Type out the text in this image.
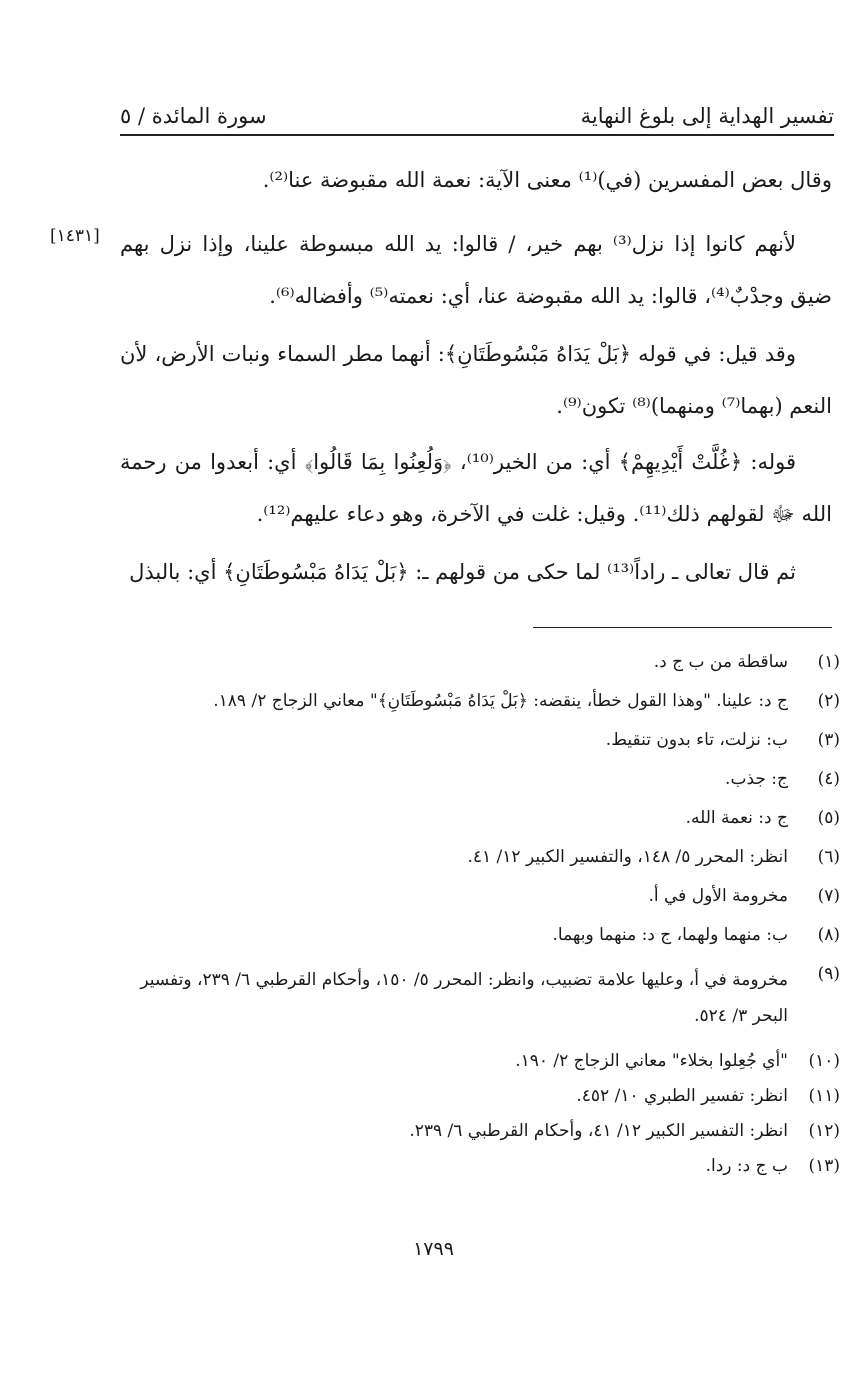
تفسير الهداية إلى بلوغ النهاية
سورة المائدة / ٥

وقال بعض المفسرين (في)⁽¹⁾ معنى الآية: نعمة الله مقبوضة عنا⁽²⁾.

لأنهم كانوا إذا نزل⁽³⁾ بهم خير، / قالوا: يد الله مبسوطة علينا، وإذا نزل بهم ضيق وجدْبٌ⁽⁴⁾، قالوا: يد الله مقبوضة عنا، أي: نعمته⁽⁵⁾ وأفضاله⁽⁶⁾.

[١٤٣١]

وقد قيل: في قوله ﴿بَلْ يَدَاهُ مَبْسُوطَتَانِ﴾: أنهما مطر السماء ونبات الأرض، لأن النعم (بهما⁽⁷⁾ ومنهما)⁽⁸⁾ تكون⁽⁹⁾.

قوله: ﴿غُلَّتْ أَيْدِيهِمْ﴾ أي: من الخير⁽¹⁰⁾، ﴿وَلُعِنُوا بِمَا قَالُوا﴾ أي: أبعدوا من رحمة الله ﷻ لقولهم ذلك⁽¹¹⁾. وقيل: غلت في الآخرة، وهو دعاء عليهم⁽¹²⁾.

ثم قال تعالى ـ راداً⁽¹³⁾ لما حكى من قولهم ـ: ﴿بَلْ يَدَاهُ مَبْسُوطَتَانِ﴾ أي: بالبذل

(١)
ساقطة من ب ج د.
(٢)
ج د: علينا. "وهذا القول خطأ، ينقضه: ﴿بَلْ يَدَاهُ مَبْسُوطَتَانِ﴾" معاني الزجاج ٢/ ١٨٩.
(٣)
ب: نزلت، تاء بدون تنقيط.
(٤)
ج: جذب.
(٥)
ج د: نعمة الله.
(٦)
انظر: المحرر ٥/ ١٤٨، والتفسير الكبير ١٢/ ٤١.
(٧)
مخرومة الأول في أ.
(٨)
ب: منهما ولهما، ج د: منهما وبهما.
(٩)
مخرومة في أ، وعليها علامة تضبيب، وانظر: المحرر ٥/ ١٥٠، وأحكام القرطبي ٦/ ٢٣٩، وتفسير البحر ٣/ ٥٢٤.
(١٠)
"أي جُعِلوا بخلاء" معاني الزجاج ٢/ ١٩٠.
(١١)
انظر: تفسير الطبري ١٠/ ٤٥٢.
(١٢)
انظر: التفسير الكبير ١٢/ ٤١، وأحكام القرطبي ٦/ ٢٣٩.
(١٣)
ب ج د: ردا.
١٧٩٩
